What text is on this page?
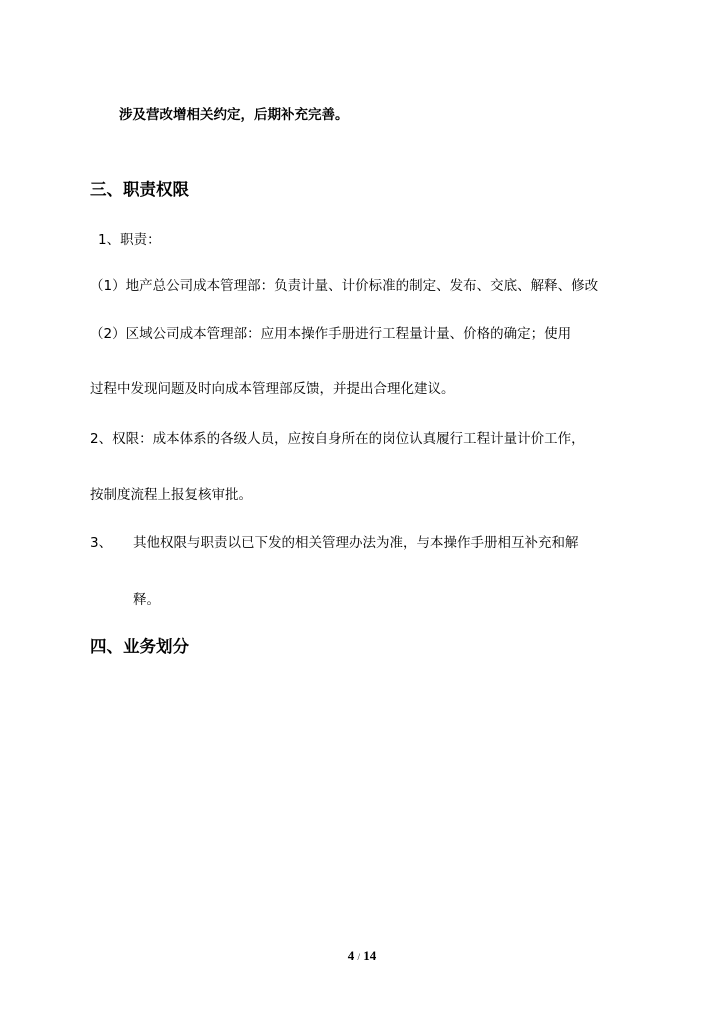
涉及营改增相关约定，后期补充完善。
三、职责权限
1、职责：
（1）地产总公司成本管理部：负责计量、计价标准的制定、发布、交底、解释、修改
（2）区域公司成本管理部：应用本操作手册进行工程量计量、价格的确定；使用
过程中发现问题及时向成本管理部反馈，并提出合理化建议。
2、权限：成本体系的各级人员，应按自身所在的岗位认真履行工程计量计价工作，
按制度流程上报复核审批。
3、 其他权限与职责以已下发的相关管理办法为准，与本操作手册相互补充和解
释。
四、业务划分
4 / 14
